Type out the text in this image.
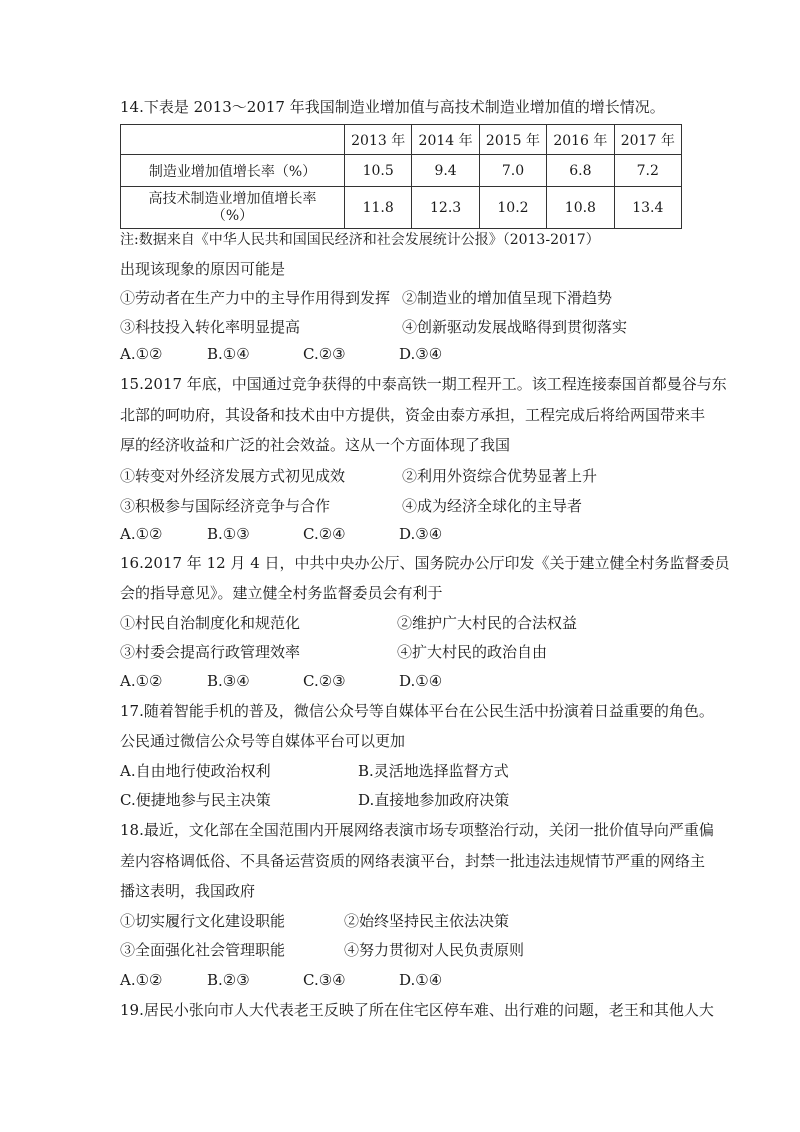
14.下表是 2013～2017 年我国制造业增加值与高技术制造业增加值的增长情况。
	2013 年	2014 年	2015 年	2016 年	2017 年
制造业增加值增长率（%）	10.5	9.4	7.0	6.8	7.2

高技术制造业增加值增长率
（%）	11.8	12.3	10.2	10.8	13.4
注:数据来自《中华人民共和国国民经济和社会发展统计公报》（2013-2017）
出现该现象的原因可能是
①劳动者在生产力中的主导作用得到发挥 ②制造业的增加值呈现下滑趋势
③科技投入转化率明显提高	④创新驱动发展战略得到贯彻落实
A.①②	B.①④	C.②③	D.③④
15.2017 年底，中国通过竞争获得的中泰高铁一期工程开工。该工程连接泰国首都曼谷与东
北部的呵叻府，其设备和技术由中方提供，资金由泰方承担，工程完成后将给两国带来丰
厚的经济收益和广泛的社会效益。这从一个方面体现了我国
①转变对外经济发展方式初见成效	②利用外资综合优势显著上升
③积极参与国际经济竞争与合作	④成为经济全球化的主导者
A.①②	B.①③	C.②④	D.③④
16.2017 年 12 月 4 日，中共中央办公厅、国务院办公厅印发《关于建立健全村务监督委员
会的指导意见》。建立健全村务监督委员会有利于
①村民自治制度化和规范化	②维护广大村民的合法权益
③村委会提高行政管理效率	④扩大村民的政治自由
A.①②	B.③④	C.②③	D.①④
17.随着智能手机的普及，微信公众号等自媒体平台在公民生活中扮演着日益重要的角色。
公民通过微信公众号等自媒体平台可以更加
A.自由地行使政治权利	B.灵活地选择监督方式
C.便捷地参与民主决策	D.直接地参加政府决策
18.最近，文化部在全国范围内开展网络表演市场专项整治行动，关闭一批价值导向严重偏
差内容格调低俗、不具备运营资质的网络表演平台，封禁一批违法违规情节严重的网络主
播这表明，我国政府
①切实履行文化建设职能	②始终坚持民主依法决策
③全面强化社会管理职能	④努力贯彻对人民负责原则
A.①②	B.②③	C.③④	D.①④
19.居民小张向市人大代表老王反映了所在住宅区停车难、出行难的问题，老王和其他人大
